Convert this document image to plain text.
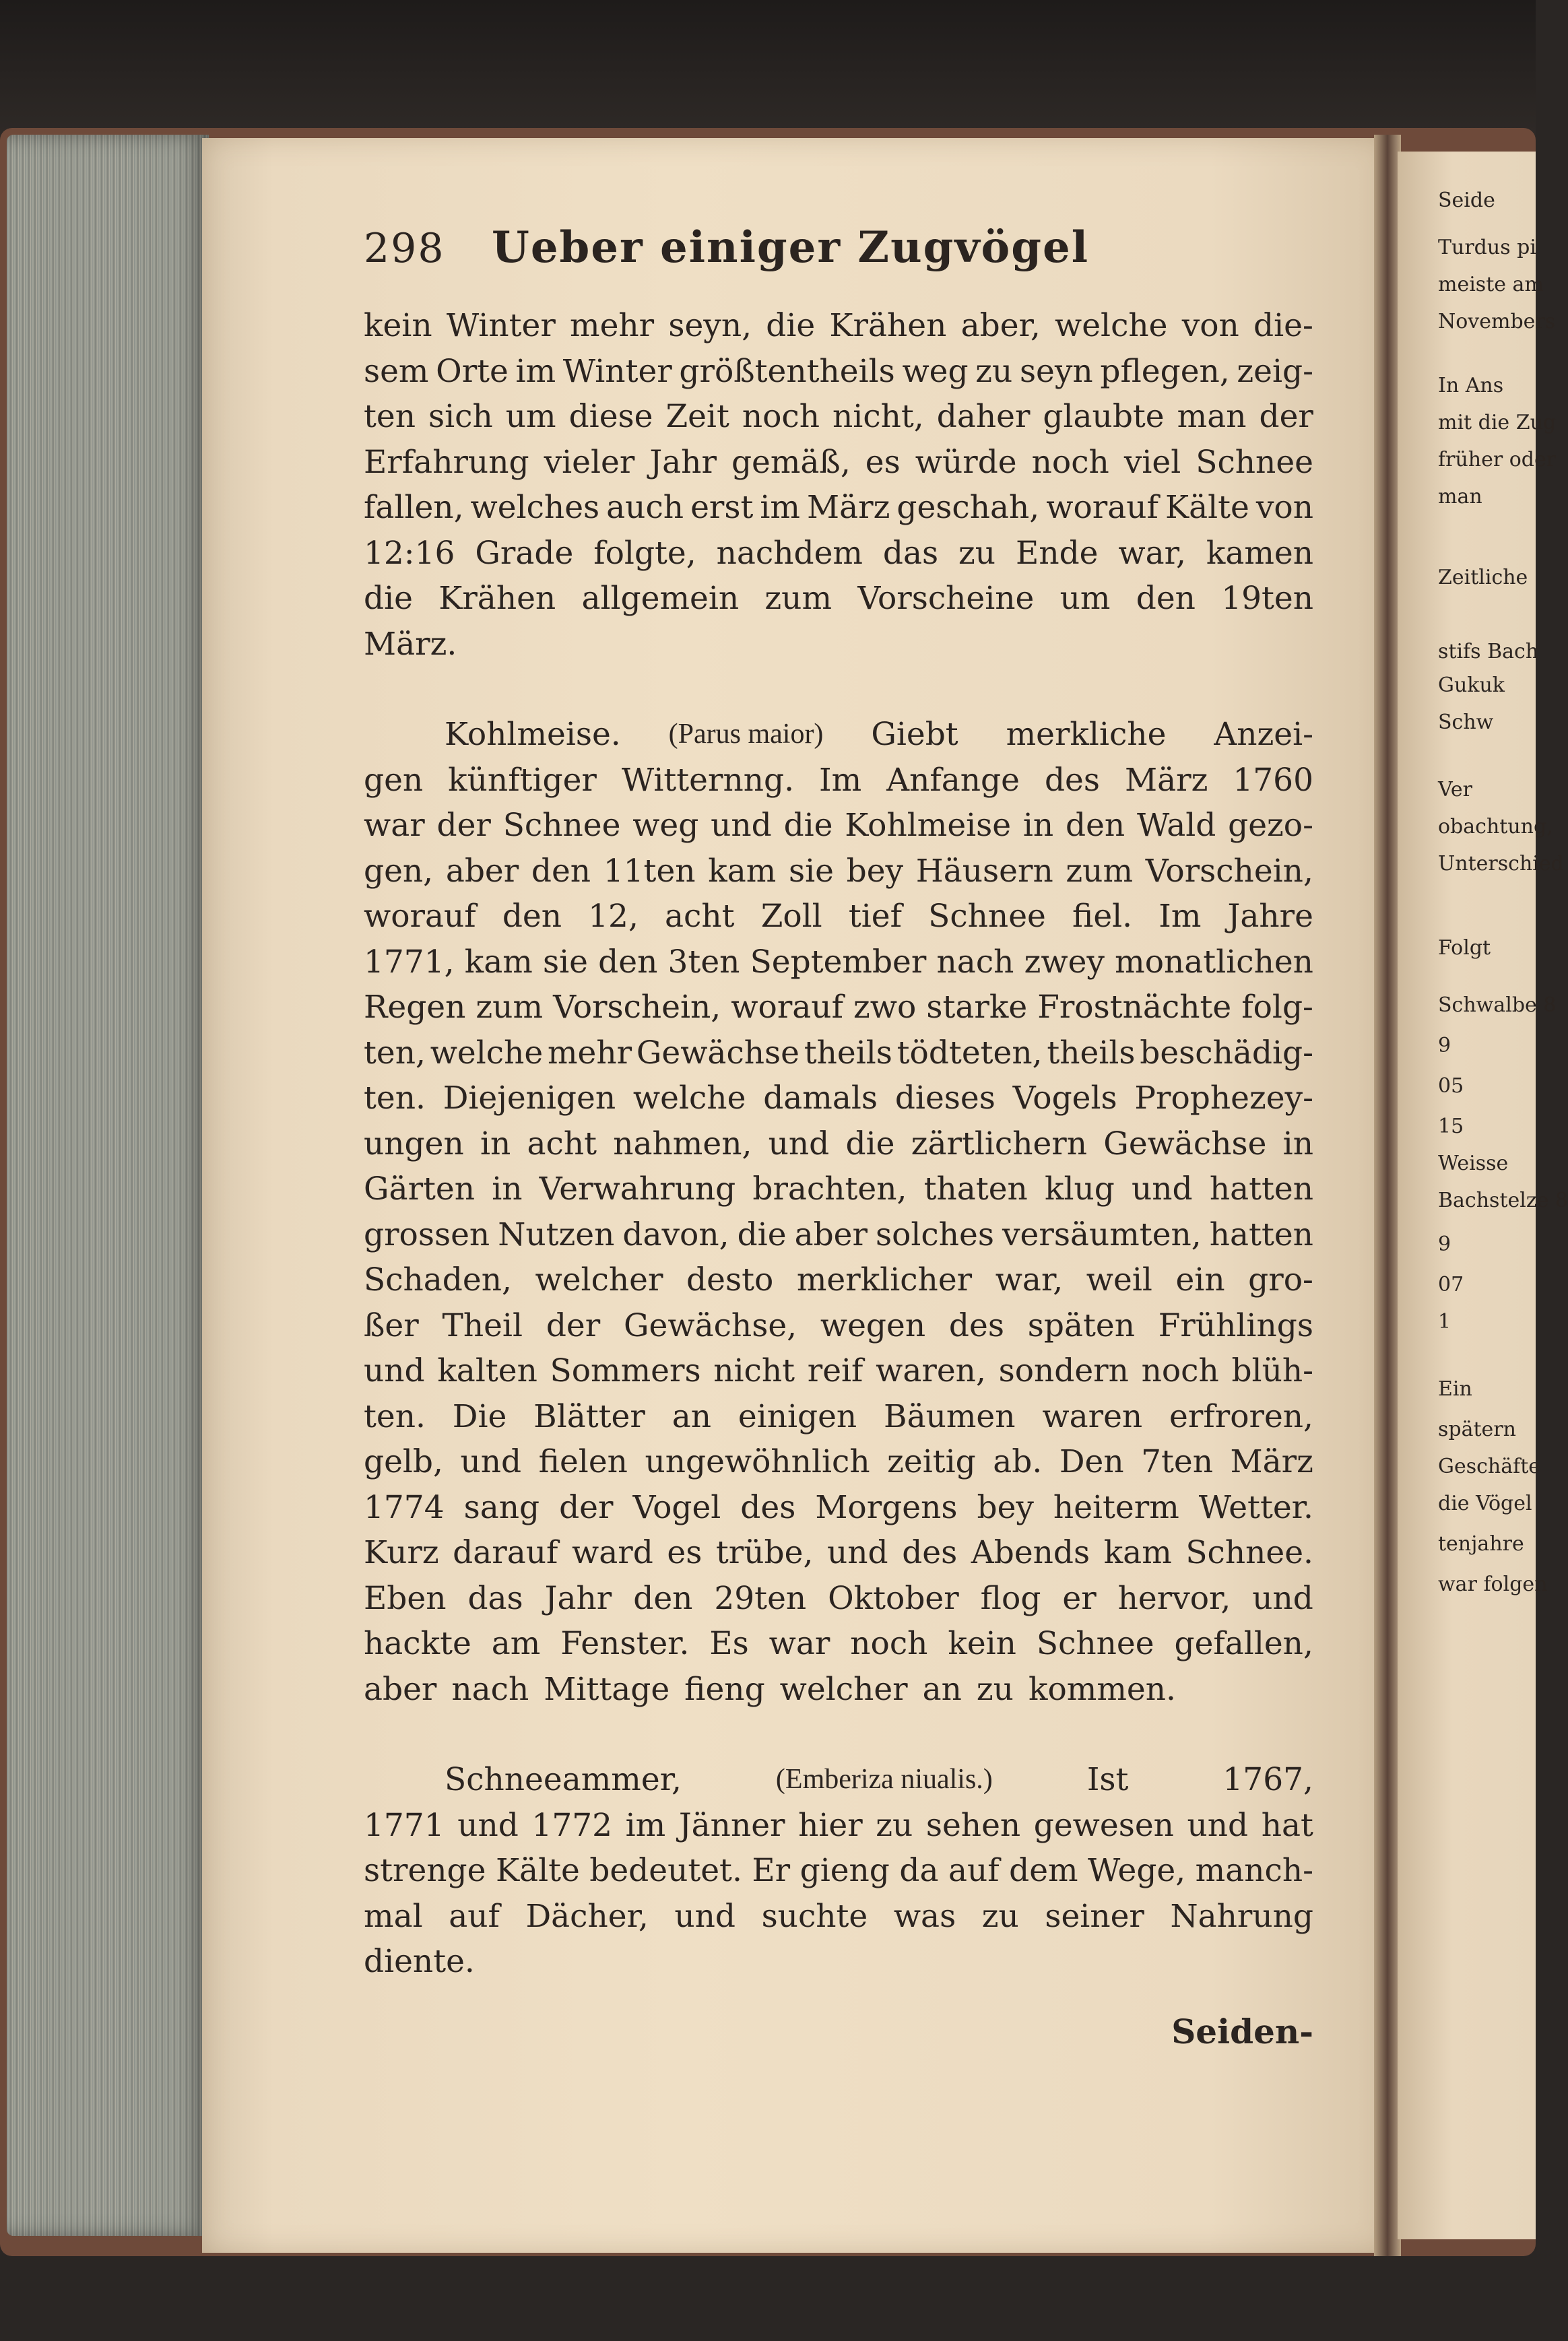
Seide
Turdus pi
meiste am
Novembers
In Ans
mit die Zug
früher oder
man
Zeitliche
stifs Bach
Gukuk
Schw
Ver
obachtung,
Unterschied
Folgt
Schwalbe 8
9
05
15
Weisse
Bachstelze 8
9
07
1
Ein
spätern
Geschäfte
die Vögel
tenjahre
war folgen
298	Ueber einiger Zugvögel
kein Winter mehr seyn, die Krähen aber, welche von die-
sem Orte im Winter größtentheils weg zu seyn pflegen, zeig-
ten sich um diese Zeit noch nicht, daher glaubte man der
Erfahrung vieler Jahr gemäß, es würde noch viel Schnee
fallen, welches auch erst im März geschah, worauf Kälte von
12:16 Grade folgte, nachdem das zu Ende war, kamen
die Krähen allgemein zum Vorscheine um den 19ten
März.
Kohlmeise. (Parus maior) Giebt merkliche Anzei-
gen künftiger Witternng. Im Anfange des März 1760
war der Schnee weg und die Kohlmeise in den Wald gezo-
gen, aber den 11ten kam sie bey Häusern zum Vorschein,
worauf den 12, acht Zoll tief Schnee fiel. Im Jahre
1771, kam sie den 3ten September nach zwey monatlichen
Regen zum Vorschein, worauf zwo starke Frostnächte folg-
ten, welche mehr Gewächse theils tödteten, theils beschädig-
ten. Diejenigen welche damals dieses Vogels Prophezey-
ungen in acht nahmen, und die zärtlichern Gewächse in
Gärten in Verwahrung brachten, thaten klug und hatten
grossen Nutzen davon, die aber solches versäumten, hatten
Schaden, welcher desto merklicher war, weil ein gro-
ßer Theil der Gewächse, wegen des späten Frühlings
und kalten Sommers nicht reif waren, sondern noch blüh-
ten. Die Blätter an einigen Bäumen waren erfroren,
gelb, und fielen ungewöhnlich zeitig ab. Den 7ten März
1774 sang der Vogel des Morgens bey heiterm Wetter.
Kurz darauf ward es trübe, und des Abends kam Schnee.
Eben das Jahr den 29ten Oktober flog er hervor, und
hackte am Fenster. Es war noch kein Schnee gefallen,
aber nach Mittage fieng welcher an zu kommen.
Schneeammer,	(Emberiza niualis.)	Ist	1767,
1771 und 1772 im Jänner hier zu sehen gewesen und hat
strenge Kälte bedeutet. Er gieng da auf dem Wege, manch-
mal auf Dächer, und suchte was zu seiner Nahrung
diente.
Seiden-
